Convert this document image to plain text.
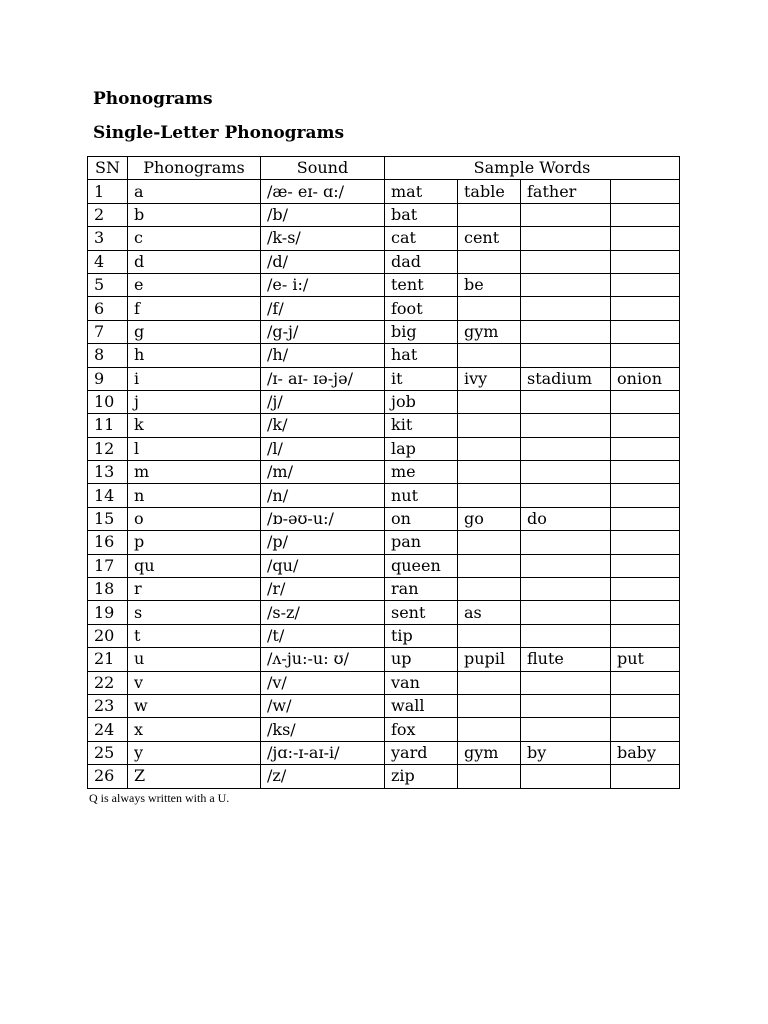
Phonograms
Single-Letter Phonograms
SN	Phonograms	Sound	Sample Words			
1	a	/æ- eɪ- ɑ:/	mat	table	father	
2	b	/b/	bat			
3	c	/k-s/	cat	cent		
4	d	/d/	dad			
5	e	/e- i:/	tent	be		
6	f	/f/	foot			
7	g	/g-j/	big	gym		
8	h	/h/	hat			
9	i	/ɪ- aɪ- ɪə-jə/	it	ivy	stadium	onion
10	j	/j/	job			
11	k	/k/	kit			
12	l	/l/	lap			
13	m	/m/	me			
14	n	/n/	nut			
15	o	/ɒ-əʊ-u:/	on	go	do	
16	p	/p/	pan			
17	qu	/qu/	queen			
18	r	/r/	ran			
19	s	/s-z/	sent	as		
20	t	/t/	tip			
21	u	/ʌ-ju:-u: ʊ/	up	pupil	flute	put
22	v	/v/	van			
23	w	/w/	wall			
24	x	/ks/	fox			
25	y	/jɑ:-ɪ-aɪ-i/	yard	gym	by	baby
26	Z	/z/	zip			
Q is always written with a U.
